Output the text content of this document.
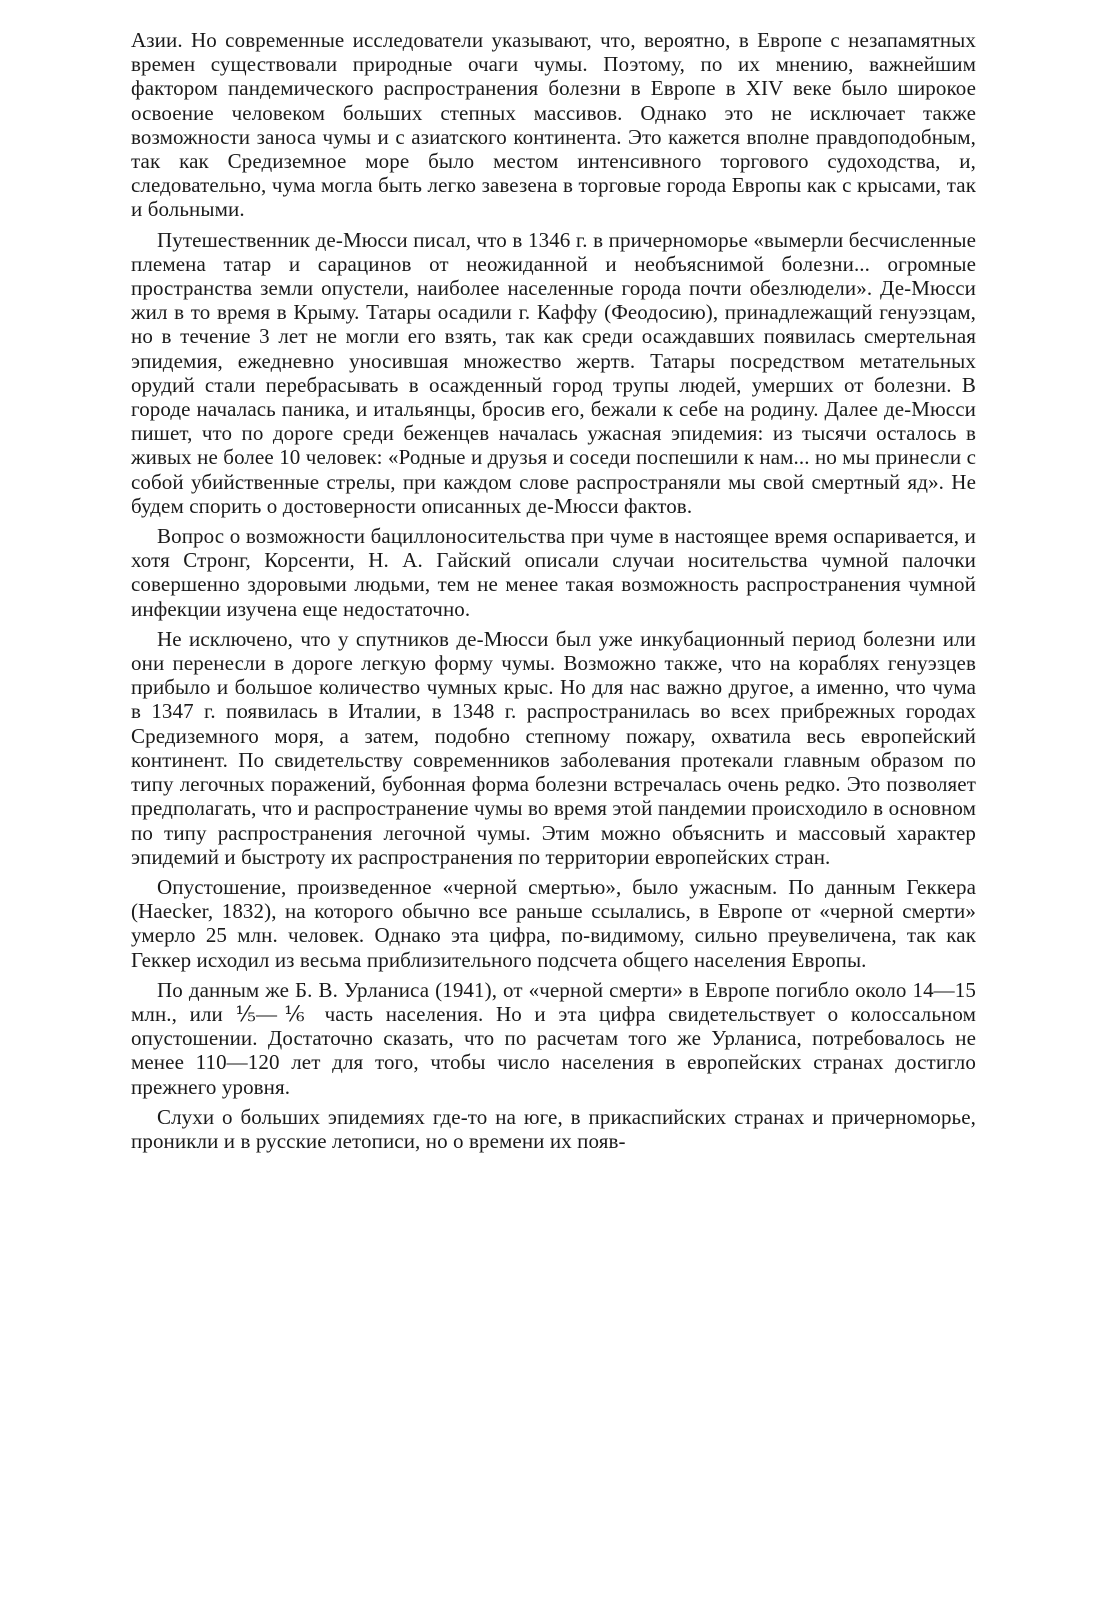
Азии. Но современные исследователи указывают, что, вероятно, в Европе с незапамятных времен существовали природные очаги чумы. Поэтому, по их мнению, важнейшим фактором пандемического распространения болезни в Европе в XIV веке было широкое освоение человеком больших степных массивов. Однако это не исключает также возможности заноса чумы и с азиатского континента. Это кажется вполне правдоподобным, так как Средиземное море было местом интенсивного торгового судоходства, и, следовательно, чума могла быть легко завезена в торговые города Европы как с крысами, так и больными.

Путешественник де-Мюсси писал, что в 1346 г. в причерноморье «вымерли бесчисленные племена татар и сарацинов от неожиданной и необъяснимой болезни... огромные пространства земли опустели, наиболее населенные города почти обезлюдели». Де-Мюсси жил в то время в Крыму. Татары осадили г. Каффу (Феодосию), принадлежащий генуэзцам, но в течение 3 лет не могли его взять, так как среди осаждавших появилась смертельная эпидемия, ежедневно уносившая множество жертв. Татары посредством метательных орудий стали перебрасывать в осажденный город трупы людей, умерших от болезни. В городе началась паника, и итальянцы, бросив его, бежали к себе на родину. Далее де-Мюсси пишет, что по дороге среди беженцев началась ужасная эпидемия: из тысячи осталось в живых не более 10 человек: «Родные и друзья и соседи поспешили к нам... но мы принесли с собой убийственные стрелы, при каждом слове распространяли мы свой смертный яд». Не будем спорить о достоверности описанных де-Мюсси фактов.

Вопрос о возможности бациллоносительства при чуме в настоящее время оспаривается, и хотя Стронг, Корсенти, Н. А. Гайский описали случаи носительства чумной палочки совершенно здоровыми людьми, тем не менее такая возможность распространения чумной инфекции изучена еще недостаточно.

Не исключено, что у спутников де-Мюсси был уже инкубационный период болезни или они перенесли в дороге легкую форму чумы. Возможно также, что на кораблях генуэзцев прибыло и большое количество чумных крыс. Но для нас важно другое, а именно, что чума в 1347 г. появилась в Италии, в 1348 г. распространилась во всех прибрежных городах Средиземного моря, а затем, подобно степному пожару, охватила весь европейский континент. По свидетельству современников заболевания протекали главным образом по типу легочных поражений, бубонная форма болезни встречалась очень редко. Это позволяет предполагать, что и распространение чумы во время этой пандемии происходило в основном по типу распространения легочной чумы. Этим можно объяснить и массовый характер эпидемий и быстроту их распространения по территории европейских стран.

Опустошение, произведенное «черной смертью», было ужасным. По данным Геккера (Haecker, 1832), на которого обычно все раньше ссылались, в Европе от «черной смерти» умерло 25 млн. человек. Однако эта цифра, по-видимому, сильно преувеличена, так как Геккер исходил из весьма приблизительного подсчета общего населения Европы.

По данным же Б. В. Урланиса (1941), от «черной смерти» в Европе погибло около 14—15 млн., или ⅕—⅙ часть населения. Но и эта цифра свидетельствует о колоссальном опустошении. Достаточно сказать, что по расчетам того же Урланиса, потребовалось не менее 110—120 лет для того, чтобы число населения в европейских странах достигло прежнего уровня.

Слухи о больших эпидемиях где-то на юге, в прикаспийских странах и причерноморье, проникли и в русские летописи, но о времени их появ-
